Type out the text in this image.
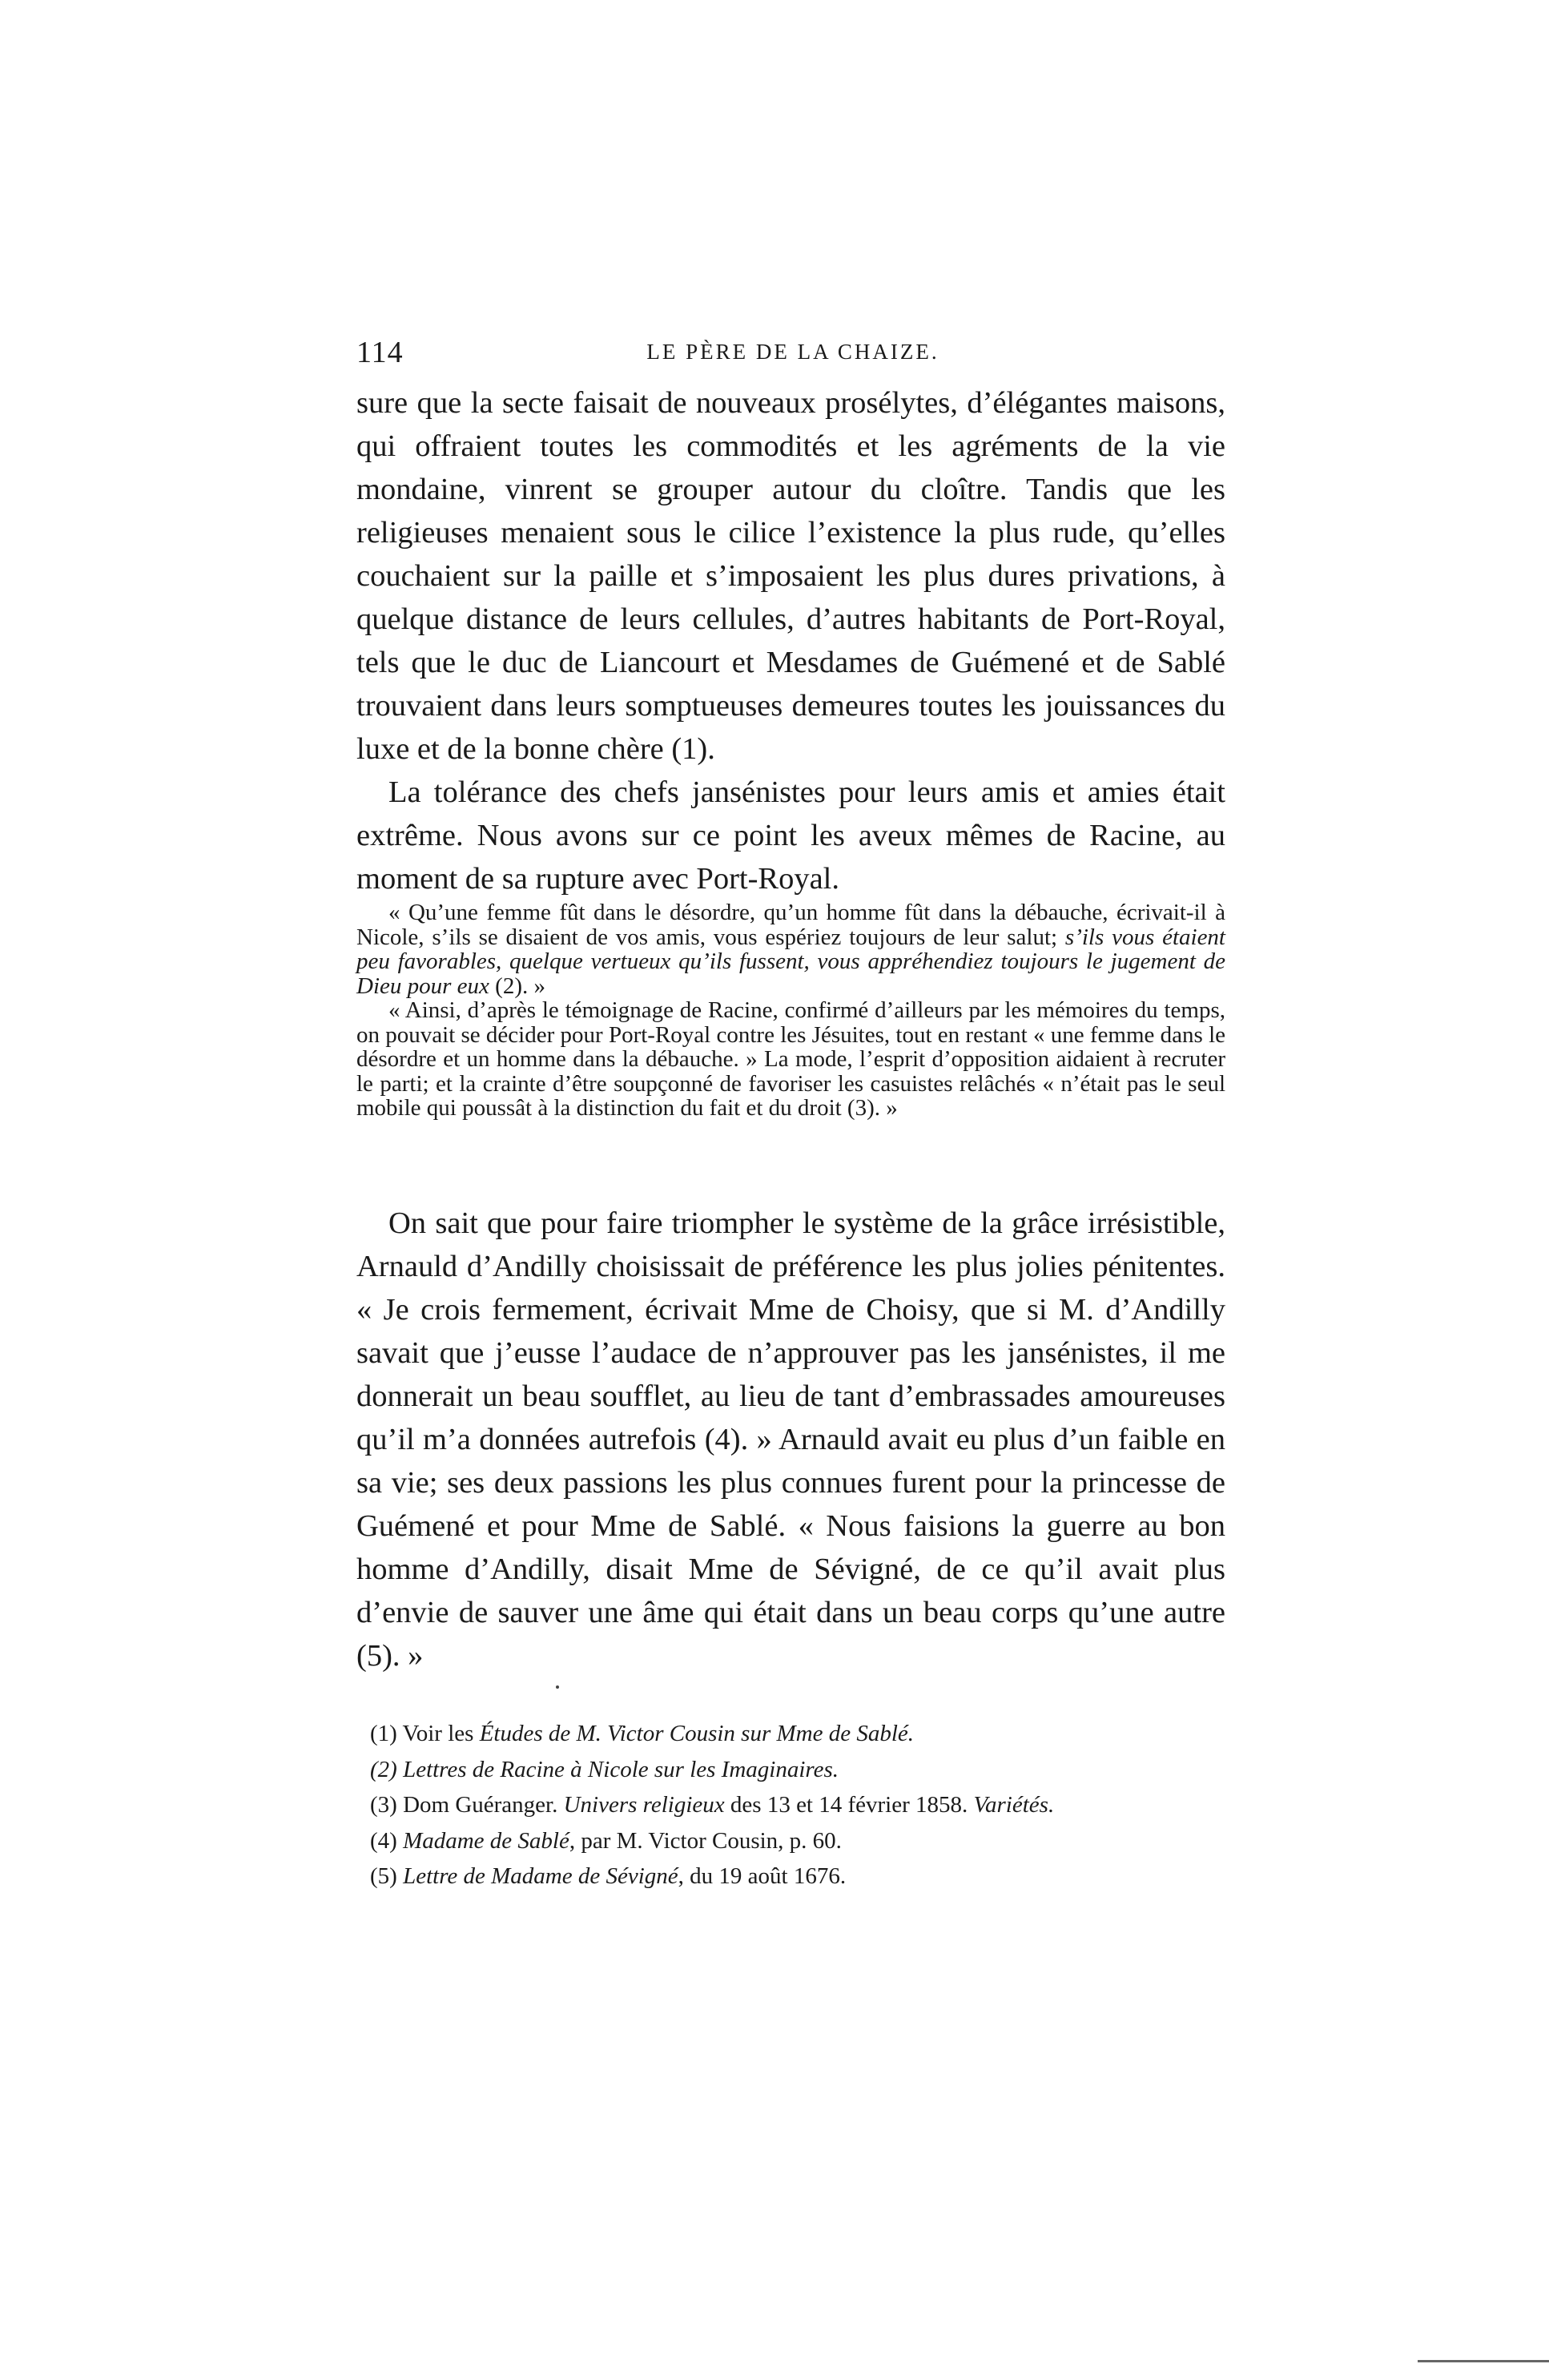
114	LE PÈRE DE LA CHAIZE.

sure que la secte faisait de nouveaux prosélytes, d’élégantes maisons, qui offraient toutes les commodités et les agréments de la vie mondaine, vinrent se grouper autour du cloître. Tandis que les religieuses menaient sous le cilice l’existence la plus rude, qu’elles couchaient sur la paille et s’imposaient les plus dures privations, à quelque distance de leurs cellules, d’autres habitants de Port-Royal, tels que le duc de Liancourt et Mesdames de Guémené et de Sablé trouvaient dans leurs somptueuses demeures toutes les jouissances du luxe et de la bonne chère (1).

La tolérance des chefs jansénistes pour leurs amis et amies était extrême. Nous avons sur ce point les aveux mêmes de Racine, au moment de sa rupture avec Port-Royal.

« Qu’une femme fût dans le désordre, qu’un homme fût dans la débauche, écrivait-il à Nicole, s’ils se disaient de vos amis, vous espériez toujours de leur salut; s’ils vous étaient peu favorables, quelque vertueux qu’ils fussent, vous appréhendiez toujours le jugement de Dieu pour eux (2). »

« Ainsi, d’après le témoignage de Racine, confirmé d’ailleurs par les mémoires du temps, on pouvait se décider pour Port-Royal contre les Jésuites, tout en restant « une femme dans le désordre et un homme dans la débauche. » La mode, l’esprit d’opposition aidaient à recruter le parti; et la crainte d’être soupçonné de favoriser les casuistes relâchés « n’était pas le seul mobile qui poussât à la distinction du fait et du droit (3). »

On sait que pour faire triompher le système de la grâce irrésistible, Arnauld d’Andilly choisissait de préférence les plus jolies pénitentes. « Je crois fermement, écrivait Mme de Choisy, que si M. d’Andilly savait que j’eusse l’audace de n’approuver pas les jansénistes, il me donnerait un beau soufflet, au lieu de tant d’embrassades amoureuses qu’il m’a données autrefois (4). » Arnauld avait eu plus d’un faible en sa vie; ses deux passions les plus connues furent pour la princesse de Guémené et pour Mme de Sablé. « Nous faisions la guerre au bon homme d’Andilly, disait Mme de Sévigné, de ce qu’il avait plus d’envie de sauver une âme qui était dans un beau corps qu’une autre (5). »

(1) Voir les Études de M. Victor Cousin sur Mme de Sablé.
(2) Lettres de Racine à Nicole sur les Imaginaires.
(3) Dom Guéranger. Univers religieux des 13 et 14 février 1858. Variétés.
(4) Madame de Sablé, par M. Victor Cousin, p. 60.
(5) Lettre de Madame de Sévigné, du 19 août 1676.
